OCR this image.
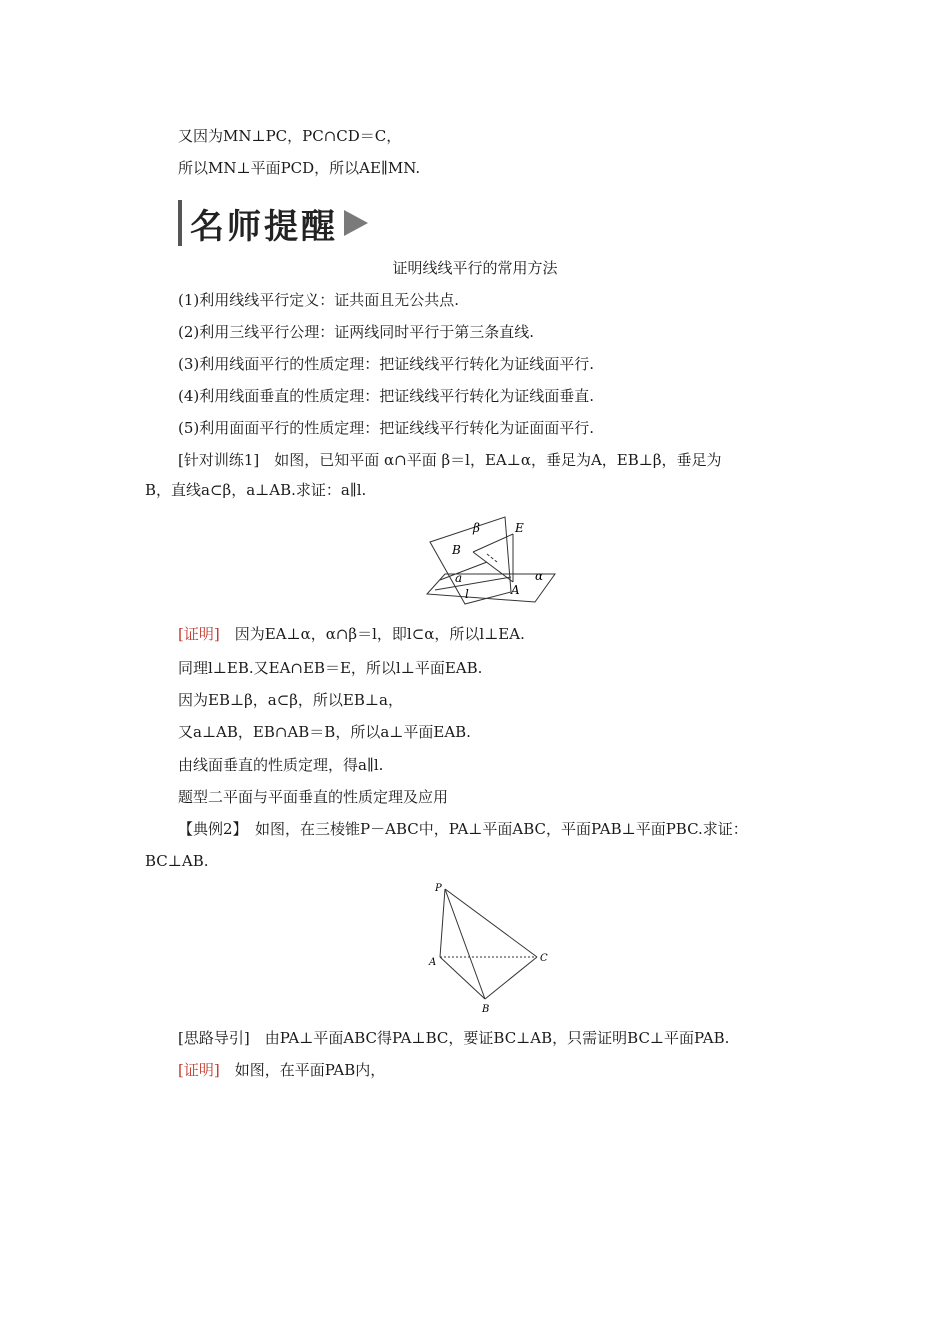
又因为MN⊥PC，PC∩CD＝C，
所以MN⊥平面PCD，所以AE∥MN.
名师提醒
证明线线平行的常用方法
(1)利用线线平行定义：证共面且无公共点.
(2)利用三线平行公理：证两线同时平行于第三条直线.
(3)利用线面平行的性质定理：把证线线平行转化为证线面平行.
(4)利用线面垂直的性质定理：把证线线平行转化为证线面垂直.
(5)利用面面平行的性质定理：把证线线平行转化为证面面平行.
[针对训练1]　如图，已知平面 α∩平面 β＝l，EA⊥α，垂足为A，EB⊥β，垂足为
B，直线a⊂β，a⊥AB.求证：a∥l.
β	E
B
a	α
l	A
[证明]　因为EA⊥α，α∩β＝l，即l⊂α，所以l⊥EA.
同理l⊥EB.又EA∩EB＝E，所以l⊥平面EAB.
因为EB⊥β，a⊂β，所以EB⊥a，
又a⊥AB，EB∩AB＝B，所以a⊥平面EAB.
由线面垂直的性质定理，得a∥l.
题型二平面与平面垂直的性质定理及应用
【典例2】　如图，在三棱锥P－ABC中，PA⊥平面ABC，平面PAB⊥平面PBC.求证：
BC⊥AB.
P
A
B
C
[思路导引]　由PA⊥平面ABC得PA⊥BC，要证BC⊥AB，只需证明BC⊥平面PAB.
[证明]　如图，在平面PAB内，
